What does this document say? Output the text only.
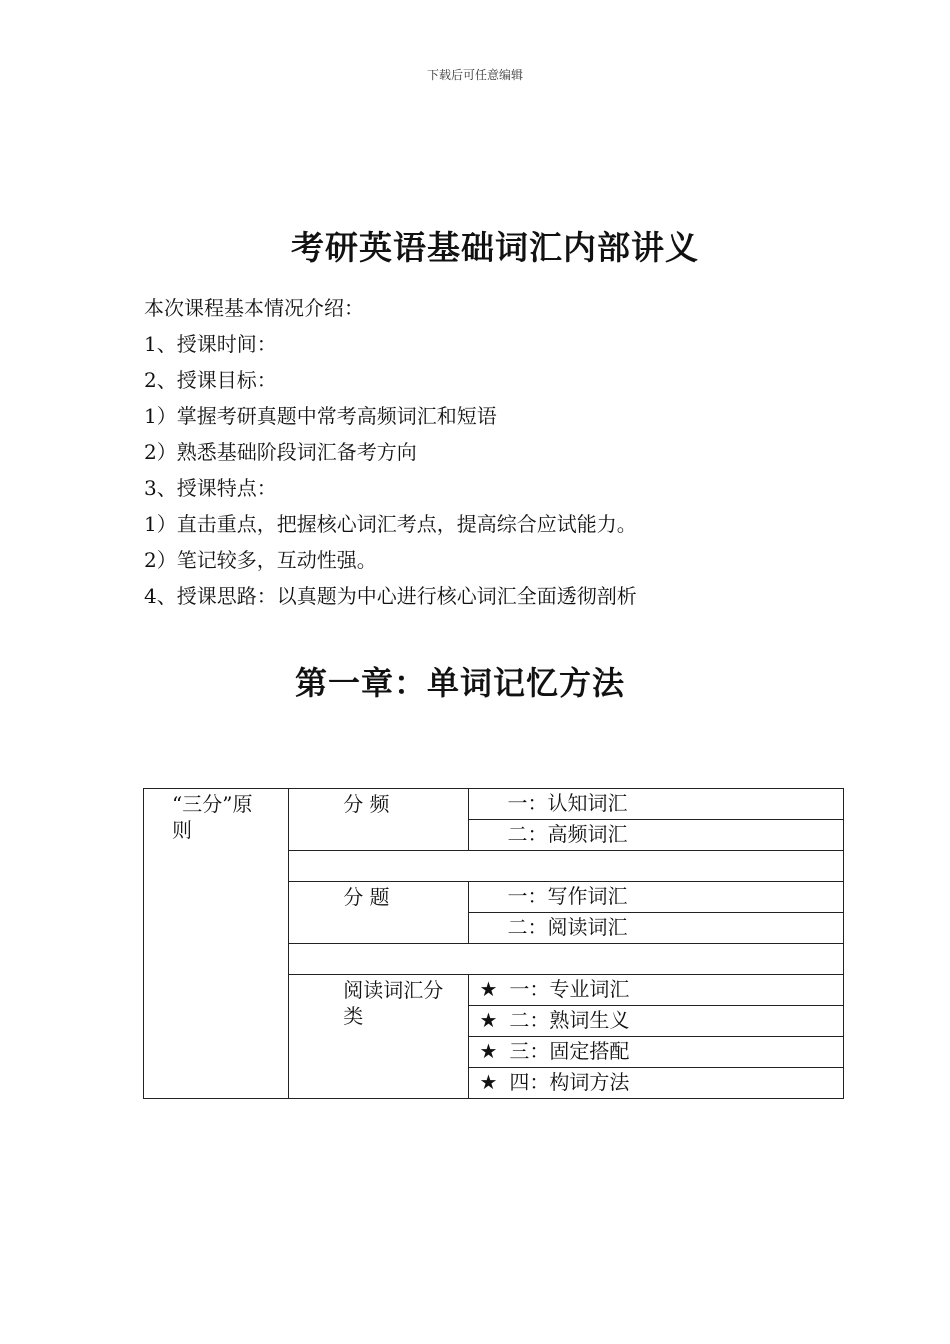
下载后可任意编辑
考研英语基础词汇内部讲义
本次课程基本情况介绍：
1、授课时间：
2、授课目标：
1）掌握考研真题中常考高频词汇和短语
2）熟悉基础阶段词汇备考方向
3、授课特点：
1）直击重点，把握核心词汇考点，提高综合应试能力。
2）笔记较多，互动性强。
4、授课思路：以真题为中心进行核心词汇全面透彻剖析
第一章：单词记忆方法
“三分”原则	分 频	一：认知词汇
		二：高频词汇

	分 题	一：写作词汇
		二：阅读词汇

	阅读词汇分 类	★ 一：专业词汇
		★ 二：熟词生义
		★ 三：固定搭配
		★ 四：构词方法
